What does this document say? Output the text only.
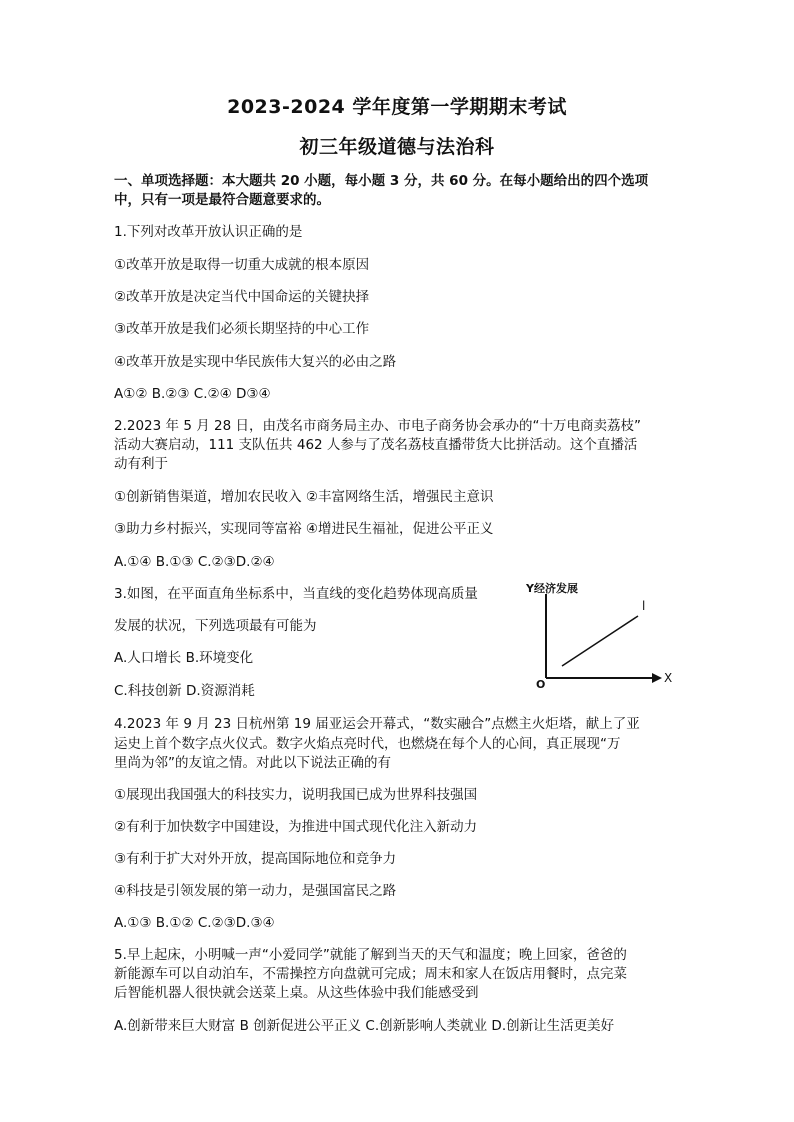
2023-2024 学年度第一学期期末考试
初三年级道德与法治科
一、单项选择题：本大题共 20 小题，每小题 3 分，共 60 分。在每小题给出的四个选项
中，只有一项是最符合题意要求的。
1.下列对改革开放认识正确的是
①改革开放是取得一切重大成就的根本原因
②改革开放是决定当代中国命运的关键抉择
③改革开放是我们必须长期坚持的中心工作
④改革开放是实现中华民族伟大复兴的必由之路
A①② B.②③ C.②④ D③④
2.2023 年 5 月 28 日，由茂名市商务局主办、市电子商务协会承办的“十万电商卖荔枝”
活动大赛启动，111 支队伍共 462 人参与了茂名荔枝直播带货大比拼活动。这个直播活
动有利于
①创新销售渠道，增加农民收入 ②丰富网络生活，增强民主意识
③助力乡村振兴，实现同等富裕 ④增进民生福祉，促进公平正义
A.①④ B.①③ C.②③D.②④
3.如图，在平面直角坐标系中，当直线的变化趋势体现高质量
发展的状况，下列选项最有可能为
A.人口增长 B.环境变化
C.科技创新 D.资源消耗
Y经济发展
X
O
l
4.2023 年 9 月 23 日杭州第 19 届亚运会开幕式，“数实融合”点燃主火炬塔，献上了亚
运史上首个数字点火仪式。数字火焰点亮时代，也燃烧在每个人的心间，真正展现“万
里尚为邻”的友谊之情。对此以下说法正确的有
①展现出我国强大的科技实力，说明我国已成为世界科技强国
②有利于加快数字中国建设，为推进中国式现代化注入新动力
③有利于扩大对外开放，提高国际地位和竞争力
④科技是引领发展的第一动力，是强国富民之路
A.①③ B.①② C.②③D.③④
5.早上起床，小明喊一声“小爱同学”就能了解到当天的天气和温度；晚上回家，爸爸的
新能源车可以自动泊车，不需操控方向盘就可完成；周末和家人在饭店用餐时，点完菜
后智能机器人很快就会送菜上桌。从这些体验中我们能感受到
A.创新带来巨大财富 B 创新促进公平正义 C.创新影响人类就业 D.创新让生活更美好
